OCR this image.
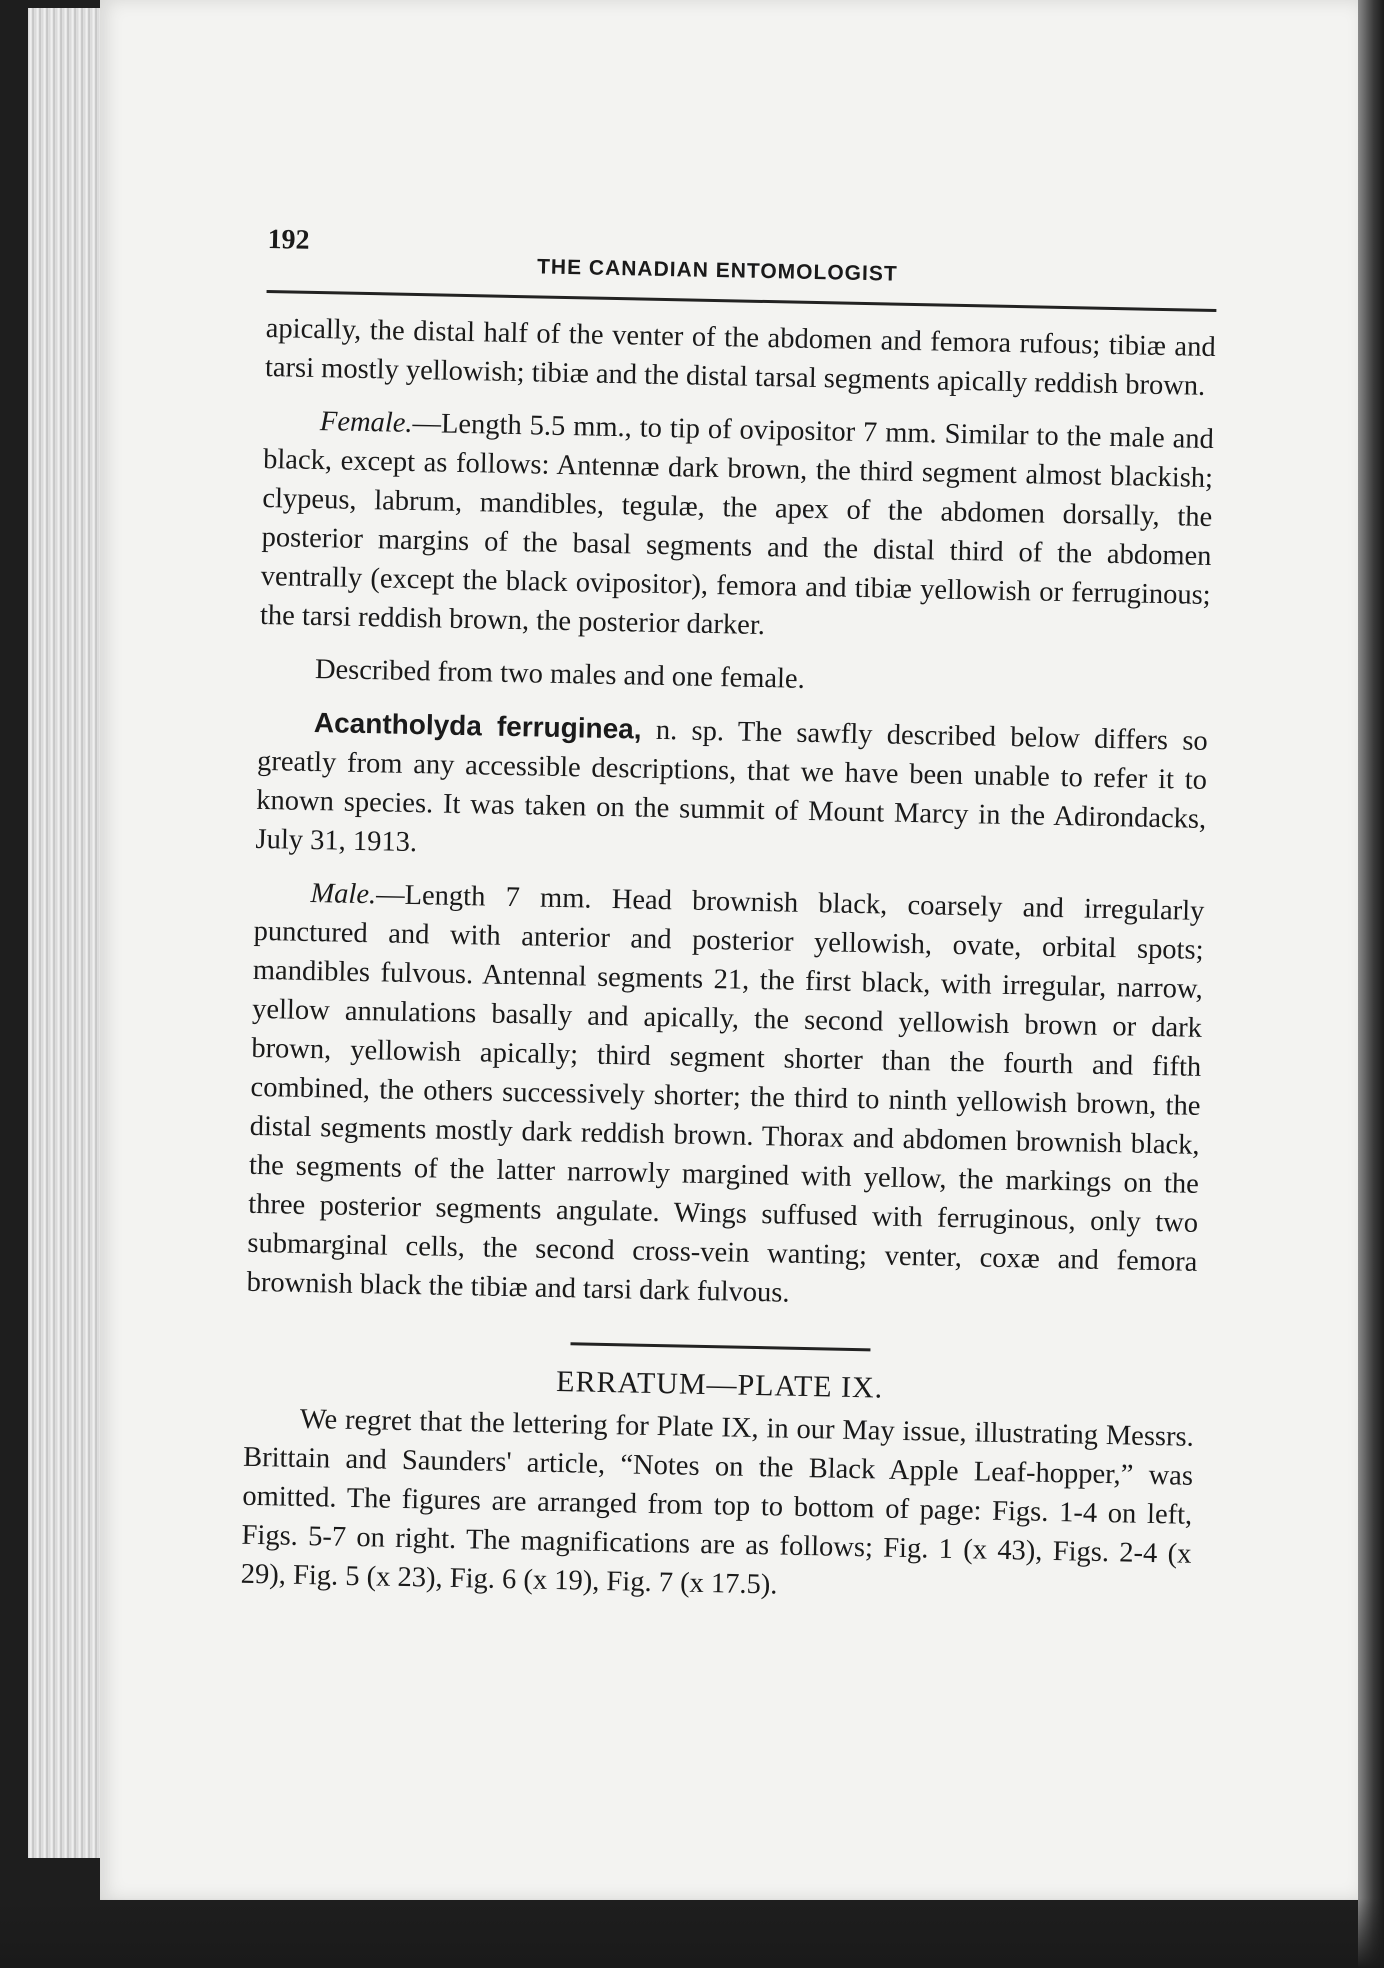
192
THE CANADIAN ENTOMOLOGIST

apically, the distal half of the venter of the abdomen and femora rufous; tibiæ and tarsi mostly yellowish; tibiæ and the distal tarsal segments apically reddish brown.

Female.—Length 5.5 mm., to tip of ovipositor 7 mm. Similar to the male and black, except as follows: Antennæ dark brown, the third segment almost blackish; clypeus, labrum, mandibles, tegulæ, the apex of the abdomen dorsally, the posterior margins of the basal segments and the distal third of the abdomen ventrally (except the black ovipositor), femora and tibiæ yellowish or ferruginous; the tarsi reddish brown, the posterior darker.

Described from two males and one female.

Acantholyda ferruginea, n. sp. The sawfly described below differs so greatly from any accessible descriptions, that we have been unable to refer it to known species. It was taken on the summit of Mount Marcy in the Adirondacks, July 31, 1913.

Male.—Length 7 mm. Head brownish black, coarsely and irregularly punctured and with anterior and posterior yellowish, ovate, orbital spots; mandibles fulvous. Antennal segments 21, the first black, with irregular, narrow, yellow annulations basally and apically, the second yellowish brown or dark brown, yellowish apically; third segment shorter than the fourth and fifth combined, the others successively shorter; the third to ninth yellowish brown, the distal segments mostly dark reddish brown. Thorax and abdomen brownish black, the segments of the latter narrowly margined with yellow, the markings on the three posterior segments angulate. Wings suffused with ferruginous, only two submarginal cells, the second cross-vein wanting; venter, coxæ and femora brownish black the tibiæ and tarsi dark fulvous.

ERRATUM—PLATE IX.

We regret that the lettering for Plate IX, in our May issue, illustrating Messrs. Brittain and Saunders' article, “Notes on the Black Apple Leaf-hopper,” was omitted. The figures are arranged from top to bottom of page: Figs. 1-4 on left, Figs. 5-7 on right. The magnifications are as follows; Fig. 1 (x 43), Figs. 2-4 (x 29), Fig. 5 (x 23), Fig. 6 (x 19), Fig. 7 (x 17.5).
